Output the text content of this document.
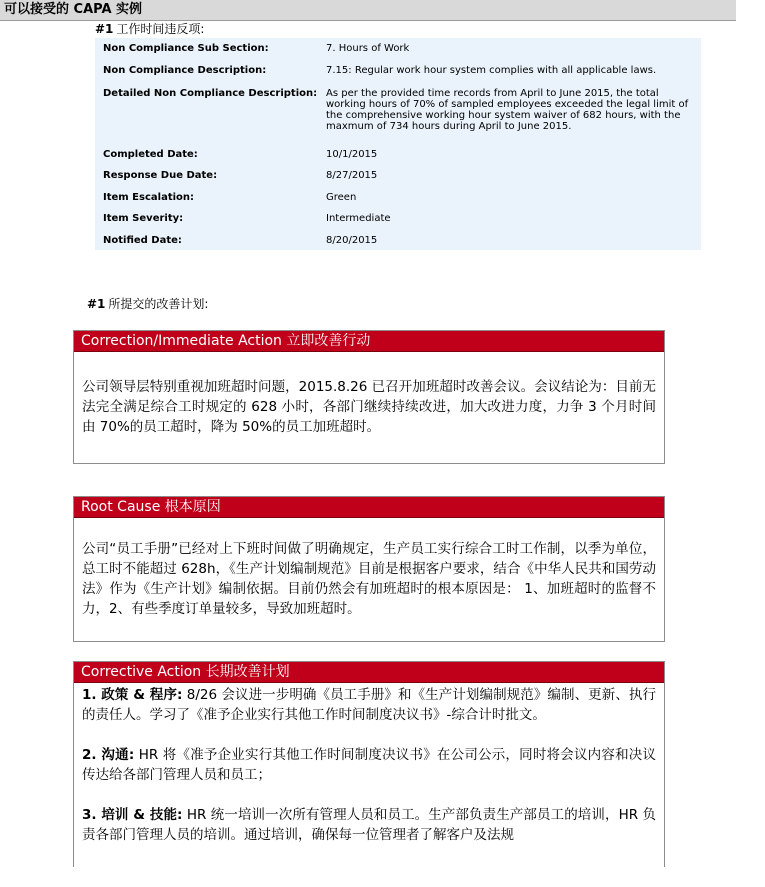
可以接受的 CAPA 实例
#1 工作时间违反项:
Non Compliance Sub Section:	7. Hours of Work
Non Compliance Description:	7.15: Regular work hour system complies with all applicable laws.
Detailed Non Compliance Description: As per the provided time records from April to June 2015, the total working hours of 70% of sampled employees exceeded the legal limit of the comprehensive working hour system waiver of 682 hours, with the maxmum of 734 hours during April to June 2015.
Completed Date:	10/1/2015
Response Due Date:	8/27/2015
Item Escalation:	Green
Item Severity:	Intermediate
Notified Date:	8/20/2015
#1 所提交的改善计划:
Correction/Immediate Action 立即改善行动
公司领导层特别重视加班超时问题，2015.8.26 已召开加班超时改善会议。会议结论为：目前无法完全满足综合工时规定的 628 小时，各部门继续持续改进，加大改进力度，力争 3 个月时间由 70%的员工超时，降为 50%的员工加班超时。
Root Cause 根本原因
公司“员工手册”已经对上下班时间做了明确规定，生产员工实行综合工时工作制，以季为单位，总工时不能超过 628h，《生产计划编制规范》目前是根据客户要求，结合《中华人民共和国劳动法》作为《生产计划》编制依据。目前仍然会有加班超时的根本原因是： 1、加班超时的监督不力，2、有些季度订单量较多，导致加班超时。
Corrective Action 长期改善计划
1. 政策 & 程序: 8/26 会议进一步明确《员工手册》和《生产计划编制规范》编制、更新、执行的责任人。学习了《准予企业实行其他工作时间制度决议书》-综合计时批文。
2. 沟通: HR 将《准予企业实行其他工作时间制度决议书》在公司公示，同时将会议内容和决议传达给各部门管理人员和员工；
3. 培训 & 技能: HR 统一培训一次所有管理人员和员工。生产部负责生产部员工的培训，HR 负责各部门管理人员的培训。通过培训，确保每一位管理者了解客户及法规
